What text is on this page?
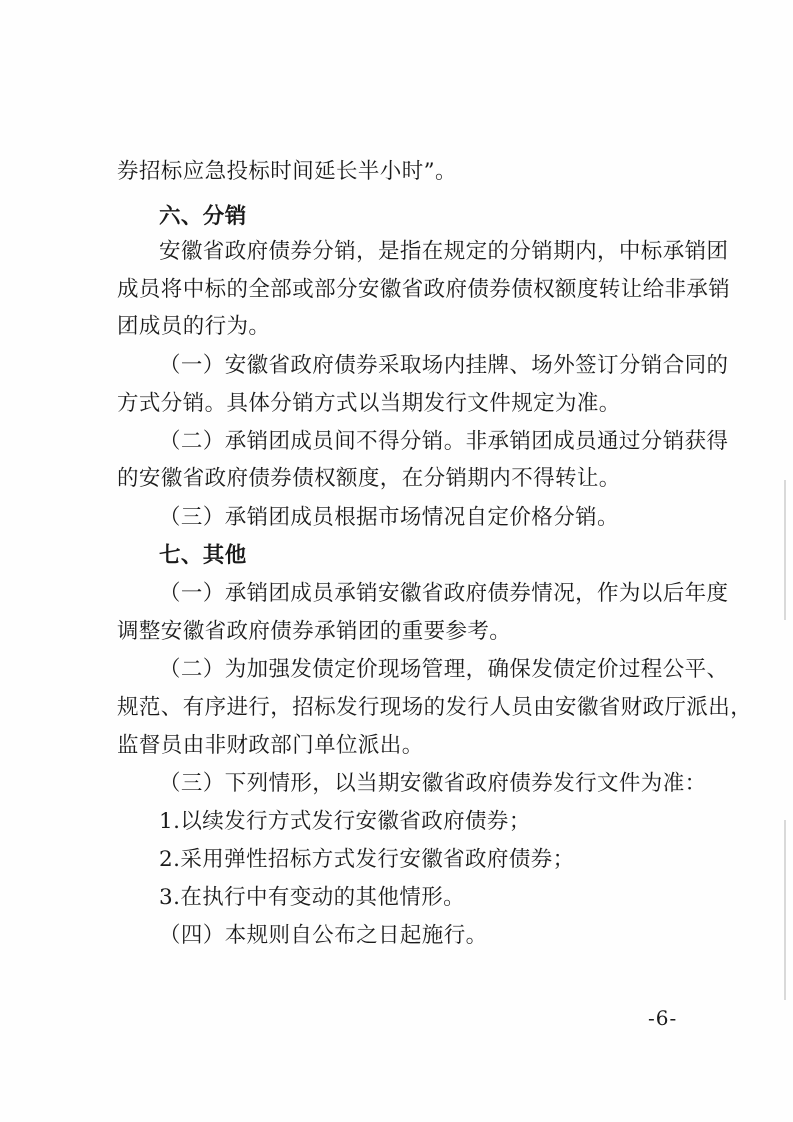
券招标应急投标时间延长半小时”。
六、分销
安徽省政府债券分销，是指在规定的分销期内，中标承销团
成员将中标的全部或部分安徽省政府债券债权额度转让给非承销
团成员的行为。
（一）安徽省政府债券采取场内挂牌、场外签订分销合同的
方式分销。具体分销方式以当期发行文件规定为准。
（二）承销团成员间不得分销。非承销团成员通过分销获得
的安徽省政府债券债权额度，在分销期内不得转让。
（三）承销团成员根据市场情况自定价格分销。
七、其他
（一）承销团成员承销安徽省政府债券情况，作为以后年度
调整安徽省政府债券承销团的重要参考。
（二）为加强发债定价现场管理，确保发债定价过程公平、
规范、有序进行，招标发行现场的发行人员由安徽省财政厅派出，
监督员由非财政部门单位派出。
（三）下列情形，以当期安徽省政府债券发行文件为准：
1.以续发行方式发行安徽省政府债券；
2.采用弹性招标方式发行安徽省政府债券；
3.在执行中有变动的其他情形。
（四）本规则自公布之日起施行。
-6-
